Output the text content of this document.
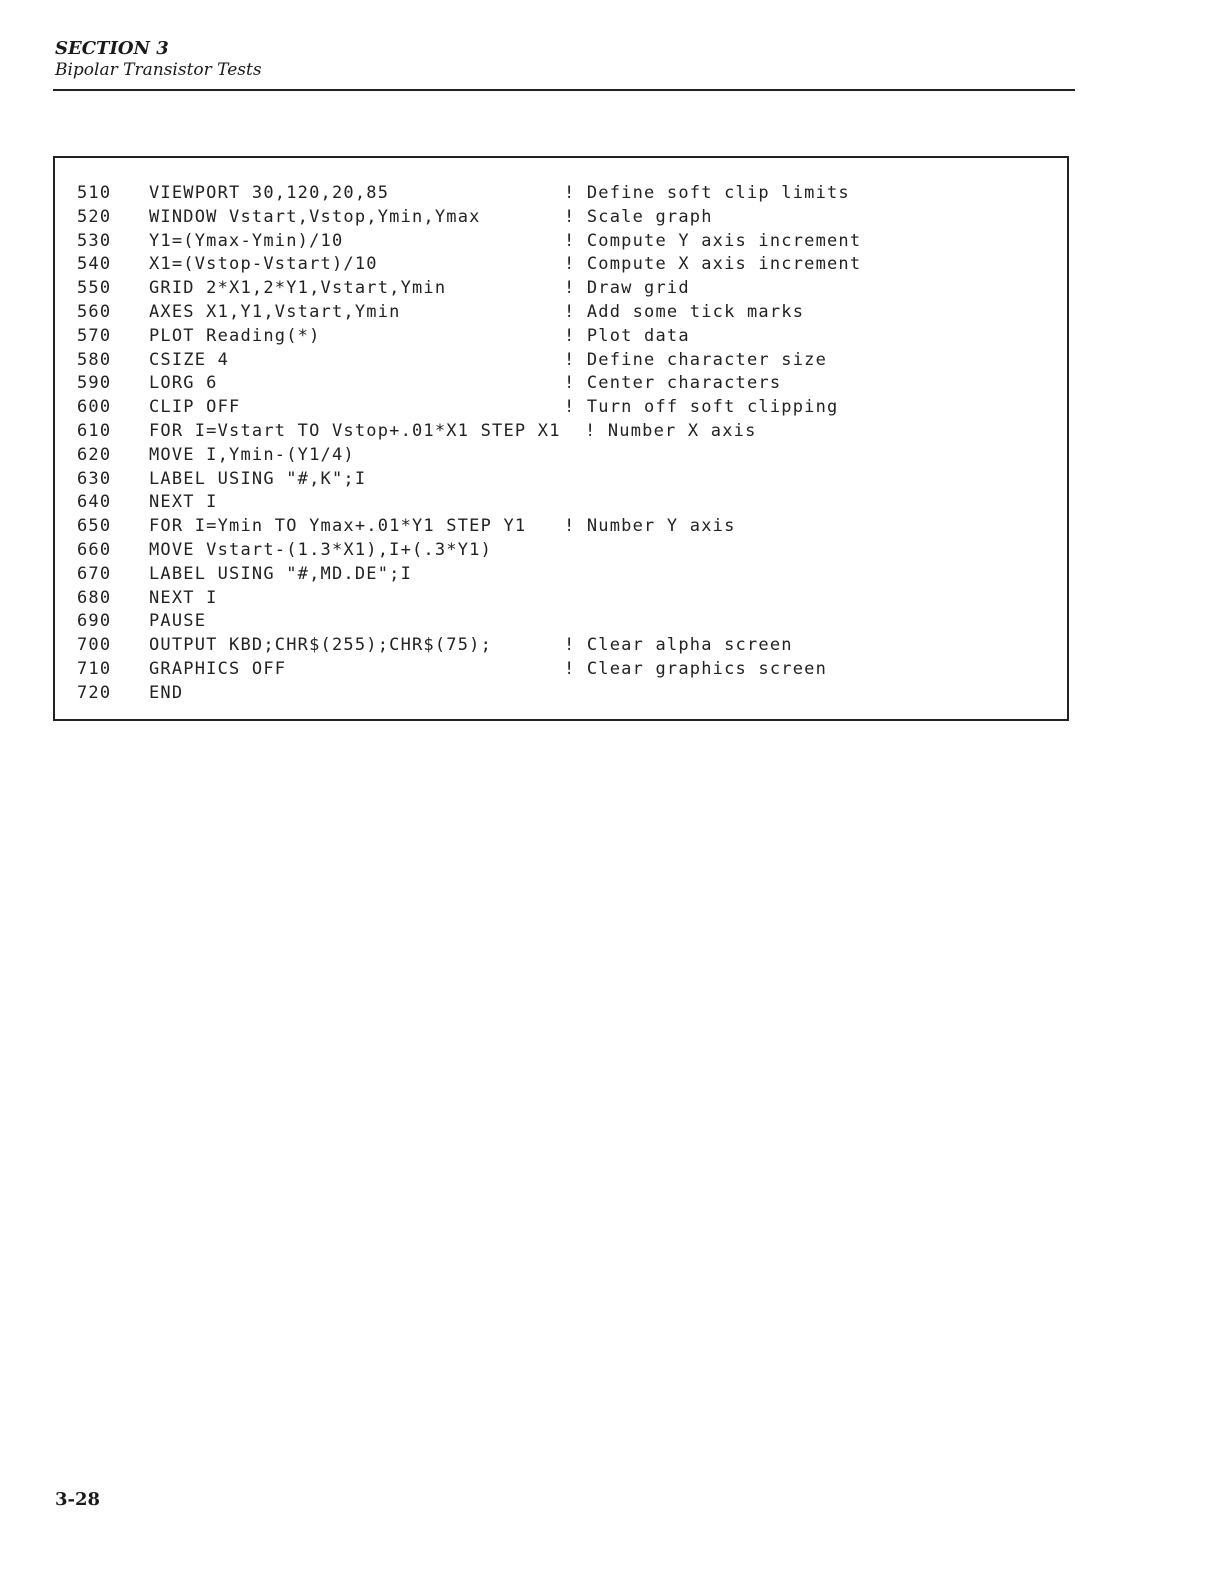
SECTION 3
Bipolar Transistor Tests
510 VIEWPORT 30,120,20,85	! Define soft clip limits
520 WINDOW Vstart,Vstop,Ymin,Ymax	! Scale graph
530 Y1=(Ymax-Ymin)/10	! Compute Y axis increment
540 X1=(Vstop-Vstart)/10	! Compute X axis increment
550 GRID 2*X1,2*Y1,Vstart,Ymin	! Draw grid
560 AXES X1,Y1,Vstart,Ymin	! Add some tick marks
570 PLOT Reading(*)	! Plot data
580 CSIZE 4	! Define character size
590 LORG 6	! Center characters
600 CLIP OFF	! Turn off soft clipping
610 FOR I=Vstart TO Vstop+.01*X1 STEP X1 ! Number X axis
620 MOVE I,Ymin-(Y1/4)
630 LABEL USING "#,K";I
640 NEXT I
650 FOR I=Ymin TO Ymax+.01*Y1 STEP Y1 ! Number Y axis
660 MOVE Vstart-(1.3*X1),I+(.3*Y1)
670 LABEL USING "#,MD.DE";I
680 NEXT I
690 PAUSE
700 OUTPUT KBD;CHR$(255);CHR$(75);	! Clear alpha screen
710 GRAPHICS OFF	! Clear graphics screen
720 END
3-28
